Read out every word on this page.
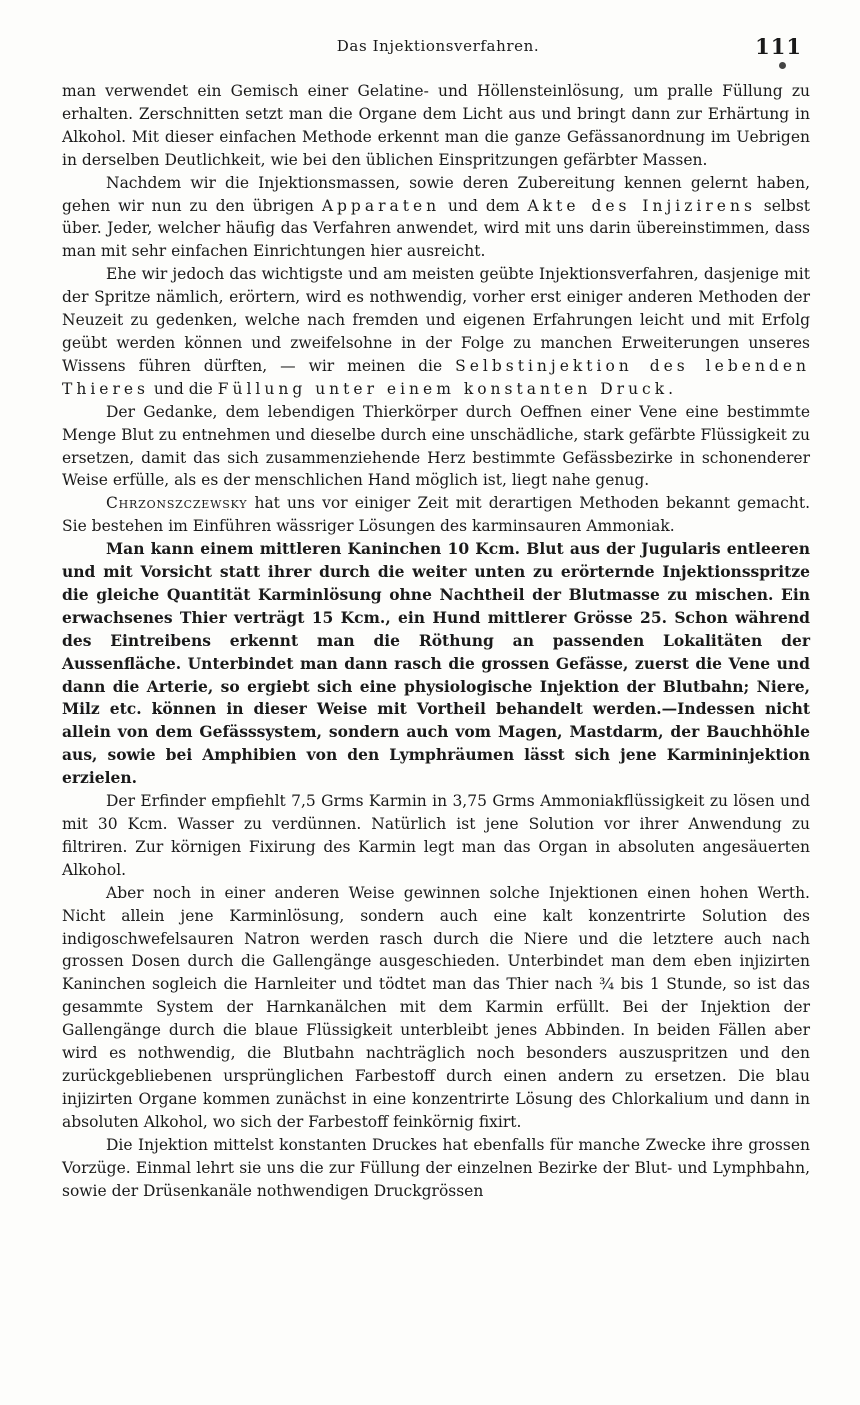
Das Injektionsverfahren.	111

man verwendet ein Gemisch einer Gelatine- und Höllensteinlösung, um pralle Füllung zu erhalten. Zerschnitten setzt man die Organe dem Licht aus und bringt dann zur Erhärtung in Alkohol. Mit dieser einfachen Methode erkennt man die ganze Gefässanordnung im Uebrigen in derselben Deutlichkeit, wie bei den üblichen Einspritzungen gefärbter Massen.

Nachdem wir die Injektionsmassen, sowie deren Zubereitung kennen gelernt haben, gehen wir nun zu den übrigen Apparaten und dem Akte des Injizirens selbst über. Jeder, welcher häufig das Verfahren anwendet, wird mit uns darin übereinstimmen, dass man mit sehr einfachen Einrichtungen hier ausreicht.

Ehe wir jedoch das wichtigste und am meisten geübte Injektionsverfahren, dasjenige mit der Spritze nämlich, erörtern, wird es nothwendig, vorher erst einiger anderen Methoden der Neuzeit zu gedenken, welche nach fremden und eigenen Erfahrungen leicht und mit Erfolg geübt werden können und zweifelsohne in der Folge zu manchen Erweiterungen unseres Wissens führen dürften, — wir meinen die Selbstinjektion des lebenden Thieres und die Füllung unter einem konstanten Druck.

Der Gedanke, dem lebendigen Thierkörper durch Oeffnen einer Vene eine bestimmte Menge Blut zu entnehmen und dieselbe durch eine unschädliche, stark gefärbte Flüssigkeit zu ersetzen, damit das sich zusammenziehende Herz bestimmte Gefässbezirke in schonenderer Weise erfülle, als es der menschlichen Hand möglich ist, liegt nahe genug.

Chrzonszczewsky hat uns vor einiger Zeit mit derartigen Methoden bekannt gemacht. Sie bestehen im Einführen wässriger Lösungen des karminsauren Ammoniak.

Man kann einem mittleren Kaninchen 10 Kcm. Blut aus der Jugularis entleeren und mit Vorsicht statt ihrer durch die weiter unten zu erörternde Injektionsspritze die gleiche Quantität Karminlösung ohne Nachtheil der Blutmasse zu mischen. Ein erwachsenes Thier verträgt 15 Kcm., ein Hund mittlerer Grösse 25. Schon während des Eintreibens erkennt man die Röthung an passenden Lokalitäten der Aussenfläche. Unterbindet man dann rasch die grossen Gefässe, zuerst die Vene und dann die Arterie, so ergiebt sich eine physiologische Injektion der Blutbahn; Niere, Milz etc. können in dieser Weise mit Vortheil behandelt werden.—Indessen nicht allein von dem Gefässsystem, sondern auch vom Magen, Mastdarm, der Bauchhöhle aus, sowie bei Amphibien von den Lymphräumen lässt sich jene Karmininjektion erzielen.

Der Erfinder empfiehlt 7,5 Grms Karmin in 3,75 Grms Ammoniakflüssigkeit zu lösen und mit 30 Kcm. Wasser zu verdünnen. Natürlich ist jene Solution vor ihrer Anwendung zu filtriren. Zur körnigen Fixirung des Karmin legt man das Organ in absoluten angesäuerten Alkohol.

Aber noch in einer anderen Weise gewinnen solche Injektionen einen hohen Werth. Nicht allein jene Karminlösung, sondern auch eine kalt konzentrirte Solution des indigoschwefelsauren Natron werden rasch durch die Niere und die letztere auch nach grossen Dosen durch die Gallengänge ausgeschieden. Unterbindet man dem eben injizirten Kaninchen sogleich die Harnleiter und tödtet man das Thier nach ¾ bis 1 Stunde, so ist das gesammte System der Harnkanälchen mit dem Karmin erfüllt. Bei der Injektion der Gallengänge durch die blaue Flüssigkeit unterbleibt jenes Abbinden. In beiden Fällen aber wird es nothwendig, die Blutbahn nachträglich noch besonders auszuspritzen und den zurückgebliebenen ursprünglichen Farbestoff durch einen andern zu ersetzen. Die blau injizirten Organe kommen zunächst in eine konzentrirte Lösung des Chlorkalium und dann in absoluten Alkohol, wo sich der Farbestoff feinkörnig fixirt.

Die Injektion mittelst konstanten Druckes hat ebenfalls für manche Zwecke ihre grossen Vorzüge. Einmal lehrt sie uns die zur Füllung der einzelnen Bezirke der Blut- und Lymphbahn, sowie der Drüsenkanäle nothwendigen Druckgrössen
